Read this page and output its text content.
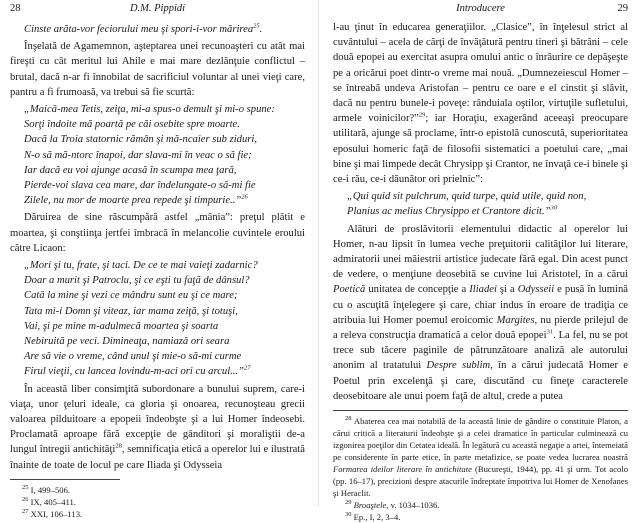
28	D.M. Pippidi
Cinste arăta-vor feciorului meu şi spori-i-vor mărirea$^{25}$.

Înşelată de Agamemnon, aşteptarea unei recunoaşteri cu atât mai fireşti cu cât meritul lui Ahile e mai mare dezlănţuie conflictul – brutal, dacă n-ar fi înnobilat de sacrificiul voluntar al unei vieţi care, pantru a fi frumoasă, va trebui să fie scurtă:

„Maică-mea Tetis, zeiţa, mi-a spus-o demult şi mi-o spune:
Sorţi îndoite mă poartă pe căi osebite spre moarte.
Dacă la Troia statornic rămân şi mă-ncaier sub ziduri,
N-o să mă-ntorc înapoi, dar slava-mi în veac o să fie;
Iar dacă eu voi ajunge acasă în scumpa mea ţară,
Pierde-voi slava cea mare, dar îndelungate-o să-mi fie
Zilele, nu mor de moarte prea repede şi timpurie..”$^{26}$

Dăruirea de sine răscumpără astfel „mânia”: preţul plătit e moartea, şi conştiinţa jertfei îmbracă în melancolie cuvintele eroului către Licaon:

„Mori şi tu, frate, şi taci. De ce te mai vaieţi zadarnic?
Doar a murit şi Patroclu, şi ce eşti tu faţă de dânsul?
Cată la mine şi vezi ce mândru sunt eu şi ce mare;
Tata mi-i Domn şi viteaz, iar mama zeiţă, şi totuşi,
Vai, şi pe mine m-adulmecă moartea şi soarta
Nebiruită pe veci. Dimineaţa, namiază ori seara
Are să vie o vreme, când unul şi mie-o să-mi curme
Firul vieţii, cu lancea lovindu-m-aci ori cu arcul...”$^{27}$

În această liber consimţită subordonare a bunului suprem, care-i viaţa, unor ţeluri ideale, ca gloria şi onoarea, recunoşteau grecii valoarea pilduitoare a epopeii îndeobşte şi a lui Homer îndeosebi. Proclamată aproape fără excepţie de gânditori şi moraliştii de-a lungul întregii antichităţi$^{28}$, semnificaţia etică a operelor lui e ilustrată înainte de toate de locul pe care Iliada şi Odysseia

$^{25}$ I, 499–506.
$^{26}$ IX, 405–411.
$^{27}$ XXI, 106–113.
Introducere	29

l-au ţinut în educarea generaţiilor. „Clasice”, în înţelesul strict al cuvântului – acela de cărţi de învăţătură pentru tineri şi bătrâni – cele două epopei au exercitat asupra omului antic o înrâurire ce depăşeşte pe a oricărui poet dintr-o vreme mai nouă. „Dumnezeiescul Homer – se întreabă undeva Aristofan – pentru ce oare e el cinstit şi slăvit, dacă nu pentru bunele-i poveţe: rânduiala oştilor, virtuţile sufletului, armele voinicilor?”$^{29}$; iar Horaţiu, exagerând aceeaşi preocupare utilitară, ajunge să proclame, într-o epistolă cunoscută, superioritatea eposului homeric faţă de filosofii sistematici a poetului care, „mai bine şi mai limpede decât Chrysipp şi Crantor, ne învaţă ce-i binele şi ce-i rău, ce-i dăunător ori prielnic”:

„Qui quid sit pulchrum, quid turpe, quid utile, quid non,
Planius ac melius Chrysippo et Crantore dicit.”$^{30}$

Alături de proslăvitorii elementului didactic al operelor lui Homer, n-au lipsit în lumea veche preţuitorii calităţilor lui literare, admiratorii unei măiestrii artistice judecate fără egal. Din acest punct de vedere, o menţiune deosebită se cuvine lui Aristotel, în a cărui Poetică unitatea de concepţie a Iliadei şi a Odysseii e pusă în lumină cu o ascuţită înţelegere şi care, chiar indus în eroare de tradiţia ce atribuia lui Homer poemul eroicomic Margites, nu pierde prilejul de a releva construcţia dramatică a celor două epopei$^{31}$. La fel, nu se pot trece sub tăcere paginile de pătrunzătoare analiză ale autorului anonim al tratatului Despre sublim, în a cărui judecată Homer e Poetul prin excelenţă şi care, discutând cu fineţe caracterele deosebitoare ale unui poem faţă de altul, crede a putea

$^{28}$ Abaterea cea mai notabilă de la această linie de gândire o constituie Platon, a cărui critică a literaturii îndeobşte şi a celei dramatice în particular culminează cu izgonirea poeţilor din Cetatea ideală. În legătură cu această negaţie a artei, întemeiată pe considerente în parte etice, în parte metafizice, se poate vedea lucrarea noastră Formarea ideilor literare în antichitate (Bucureşti, 1944), pp. 41 şi urm. Tot acolo (pp. 16–17), precizioni despre atacurile îndreptate împotriva lui Homer de Xenofanes şi Heraclit.
$^{29}$ Broaştele, v. 1034–1036.
$^{30}$ Ep., I, 2, 3–4.
